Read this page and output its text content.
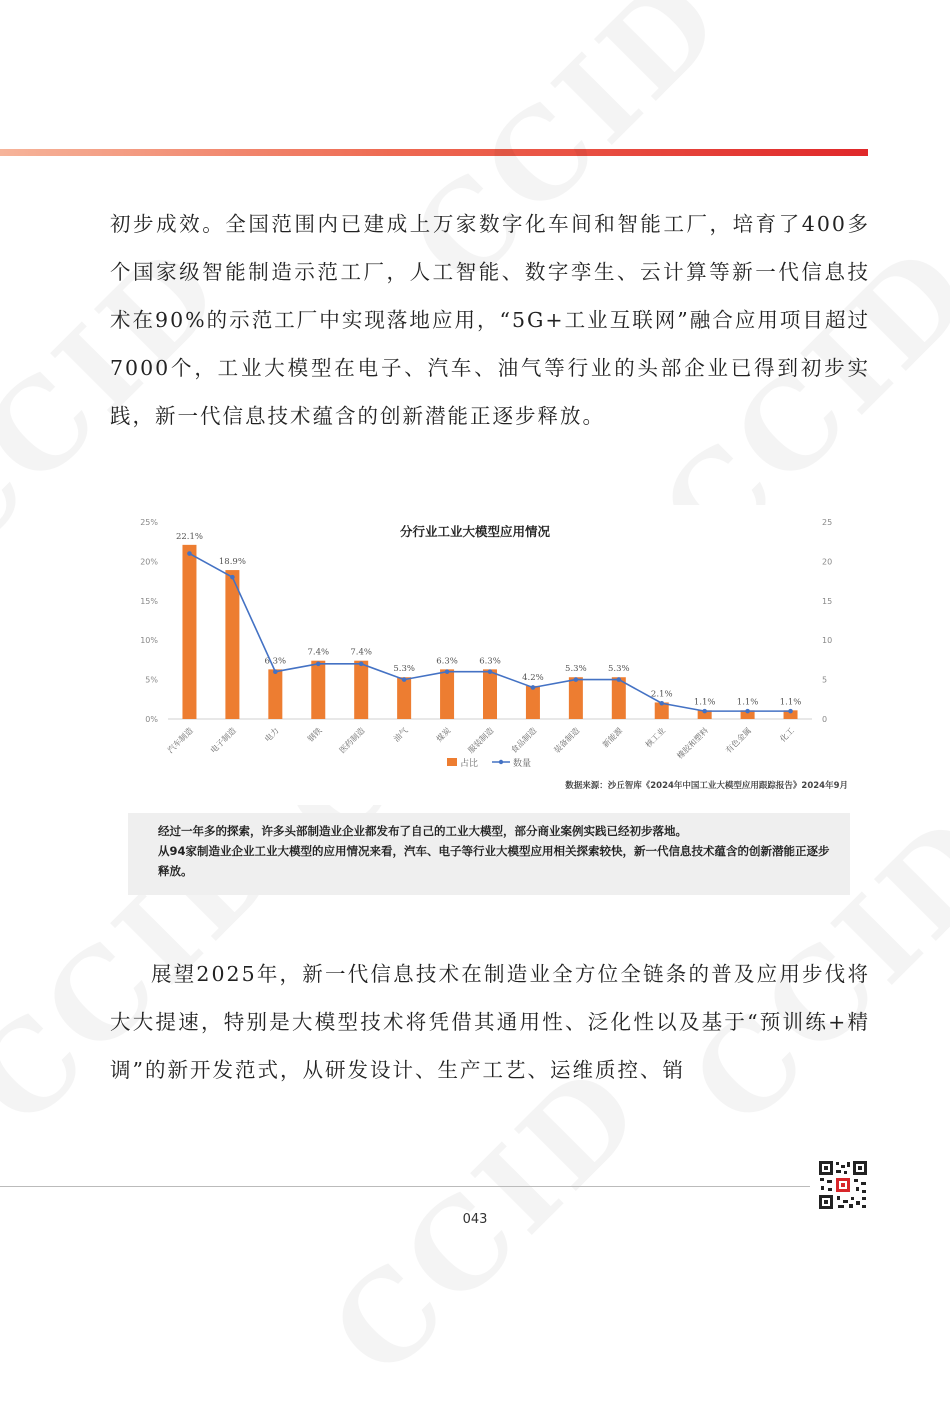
初步成效。全国范围内已建成上万家数字化车间和智能工厂，培育了400多个国家级智能制造示范工厂，人工智能、数字孪生、云计算等新一代信息技术在90%的示范工厂中实现落地应用，“5G+工业互联网”融合应用项目超过7000个，工业大模型在电子、汽车、油气等行业的头部企业已得到初步实践，新一代信息技术蕴含的创新潜能正逐步释放。

分行业工业大模型应用情况
0%
5%
10%
15%
20%
25%
0
5
10
15
20
25
22.1%
18.9%
6.3%
7.4%	7.4%
5.3%
6.3%	6.3%
4.2%
5.3%	5.3%
2.1%
1.1%	1.1%	1.1%
汽车制造 电子制造	电力	钢铁 医药制造	油气	煤炭 服装制造 食品制造 装备制造 新能源 核工业 橡胶和塑料 有色金属	化工
占比	数量
数据来源：沙丘智库《2024年中国工业大模型应用跟踪报告》2024年9月
经过一年多的探索，许多头部制造业企业都发布了自己的工业大模型，部分商业案例实践已经初步落地。
从94家制造业企业工业大模型的应用情况来看，汽车、电子等行业大模型应用相关探索较快，新一代信息技术蕴含的创新潜能正逐步释放。

展望2025年，新一代信息技术在制造业全方位全链条的普及应用步伐将大大提速，特别是大模型技术将凭借其通用性、泛化性以及基于“预训练+精调”的新开发范式，从研发设计、生产工艺、运维质控、销

043
